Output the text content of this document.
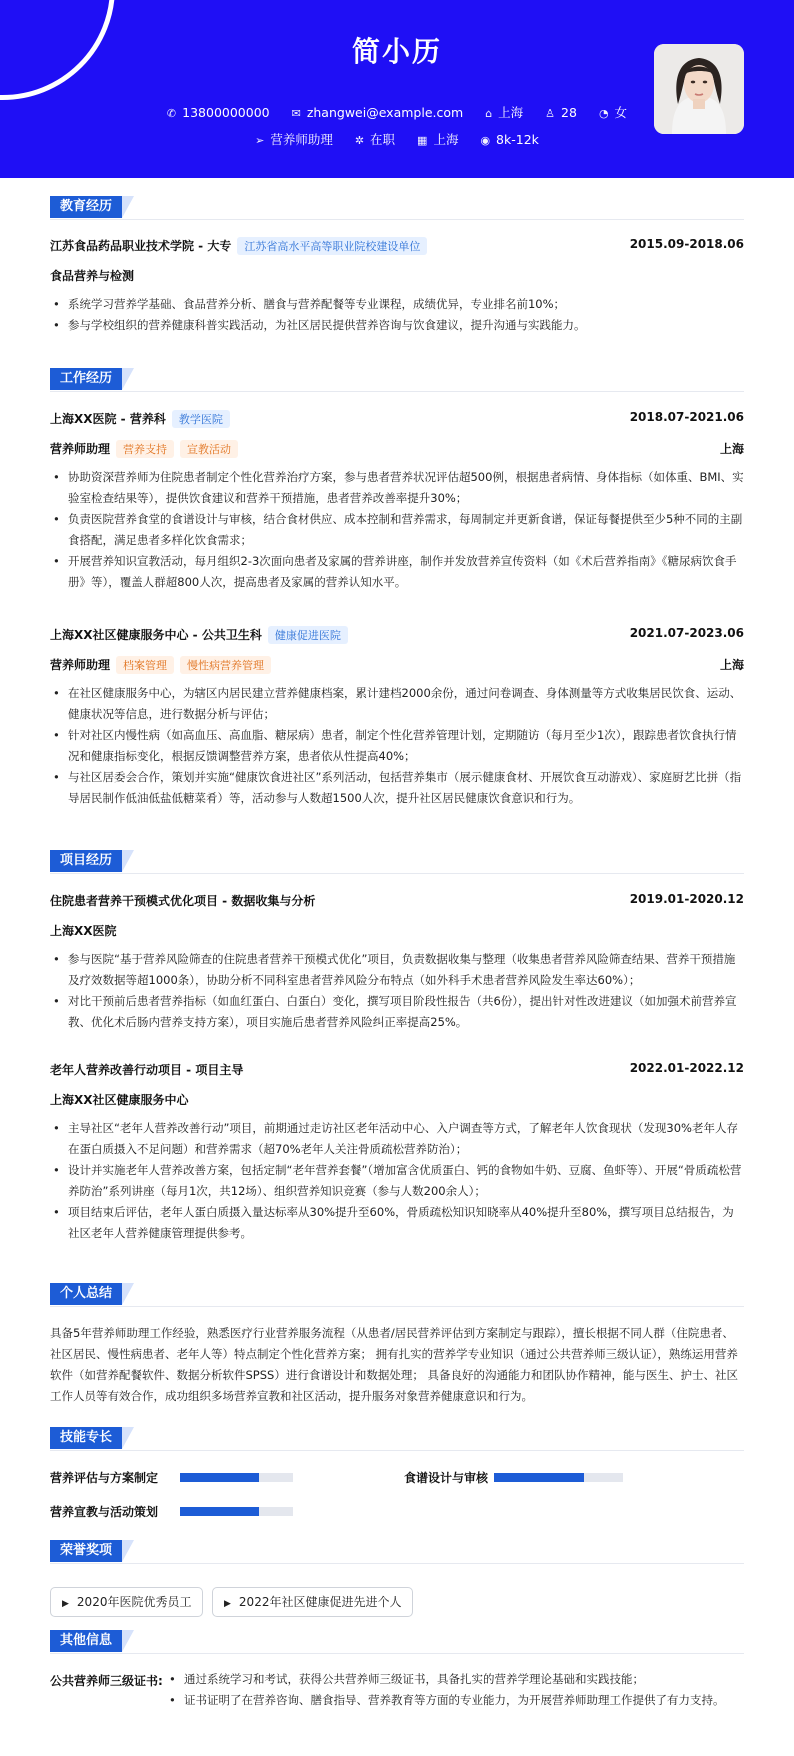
简小历
✆ 13800000000 ✉ zhangwei@example.com ⌂ 上海 ♙ 28 ◔ 女
➢ 营养师助理 ✲ 在职 ▦ 上海 ◉ 8k-12k
教育经历
江苏食品药品职业技术学院 - 大专 江苏省高水平高等职业院校建设单位	2015.09-2018.06
食品营养与检测
• 系统学习营养学基础、食品营养分析、膳食与营养配餐等专业课程，成绩优异，专业排名前10%；
• 参与学校组织的营养健康科普实践活动，为社区居民提供营养咨询与饮食建议，提升沟通与实践能力。
工作经历
上海XX医院 - 营养科 教学医院	2018.07-2021.06
营养师助理 营养支持 宣教活动	上海
• 协助资深营养师为住院患者制定个性化营养治疗方案，参与患者营养状况评估超500例，根据患者病情、身体指标（如体重、BMI、实验室检查结果等），提供饮食建议和营养干预措施，患者营养改善率提升30%；
• 负责医院营养食堂的食谱设计与审核，结合食材供应、成本控制和营养需求，每周制定并更新食谱，保证每餐提供至少5种不同的主副食搭配，满足患者多样化饮食需求；
• 开展营养知识宣教活动，每月组织2-3次面向患者及家属的营养讲座，制作并发放营养宣传资料（如《术后营养指南》《糖尿病饮食手册》等），覆盖人群超800人次，提高患者及家属的营养认知水平。
上海XX社区健康服务中心 - 公共卫生科 健康促进医院	2021.07-2023.06
营养师助理 档案管理 慢性病营养管理	上海
• 在社区健康服务中心，为辖区内居民建立营养健康档案，累计建档2000余份，通过问卷调查、身体测量等方式收集居民饮食、运动、健康状况等信息，进行数据分析与评估；
• 针对社区内慢性病（如高血压、高血脂、糖尿病）患者，制定个性化营养管理计划，定期随访（每月至少1次），跟踪患者饮食执行情况和健康指标变化，根据反馈调整营养方案，患者依从性提高40%；
• 与社区居委会合作，策划并实施“健康饮食进社区”系列活动，包括营养集市（展示健康食材、开展饮食互动游戏）、家庭厨艺比拼（指导居民制作低油低盐低糖菜肴）等，活动参与人数超1500人次，提升社区居民健康饮食意识和行为。
项目经历
住院患者营养干预模式优化项目 - 数据收集与分析	2019.01-2020.12
上海XX医院
• 参与医院“基于营养风险筛查的住院患者营养干预模式优化”项目，负责数据收集与整理（收集患者营养风险筛查结果、营养干预措施及疗效数据等超1000条），协助分析不同科室患者营养风险分布特点（如外科手术患者营养风险发生率达60%）；
• 对比干预前后患者营养指标（如血红蛋白、白蛋白）变化，撰写项目阶段性报告（共6份），提出针对性改进建议（如加强术前营养宣教、优化术后肠内营养支持方案），项目实施后患者营养风险纠正率提高25%。
老年人营养改善行动项目 - 项目主导	2022.01-2022.12
上海XX社区健康服务中心
• 主导社区“老年人营养改善行动”项目，前期通过走访社区老年活动中心、入户调查等方式，了解老年人饮食现状（发现30%老年人存在蛋白质摄入不足问题）和营养需求（超70%老年人关注骨质疏松营养防治）；
• 设计并实施老年人营养改善方案，包括定制“老年营养套餐”（增加富含优质蛋白、钙的食物如牛奶、豆腐、鱼虾等）、开展“骨质疏松营养防治”系列讲座（每月1次，共12场）、组织营养知识竞赛（参与人数200余人）；
• 项目结束后评估，老年人蛋白质摄入量达标率从30%提升至60%，骨质疏松知识知晓率从40%提升至80%，撰写项目总结报告，为社区老年人营养健康管理提供参考。
个人总结
具备5年营养师助理工作经验，熟悉医疗行业营养服务流程（从患者/居民营养评估到方案制定与跟踪），擅长根据不同人群（住院患者、社区居民、慢性病患者、老年人等）特点制定个性化营养方案； 拥有扎实的营养学专业知识（通过公共营养师三级认证），熟练运用营养软件（如营养配餐软件、数据分析软件SPSS）进行食谱设计和数据处理； 具备良好的沟通能力和团队协作精神，能与医生、护士、社区工作人员等有效合作，成功组织多场营养宣教和社区活动，提升服务对象营养健康意识和行为。
技能专长
营养评估与方案制定	食谱设计与审核
营养宣教与活动策划
荣誉奖项
▶ 2020年医院优秀员工	▶ 2022年社区健康促进先进个人
其他信息
公共营养师三级证书:
•	通过系统学习和考试，获得公共营养师三级证书，具备扎实的营养学理论基础和实践技能；
• 证书证明了在营养咨询、膳食指导、营养教育等方面的专业能力，为开展营养师助理工作提供了有力支持。
